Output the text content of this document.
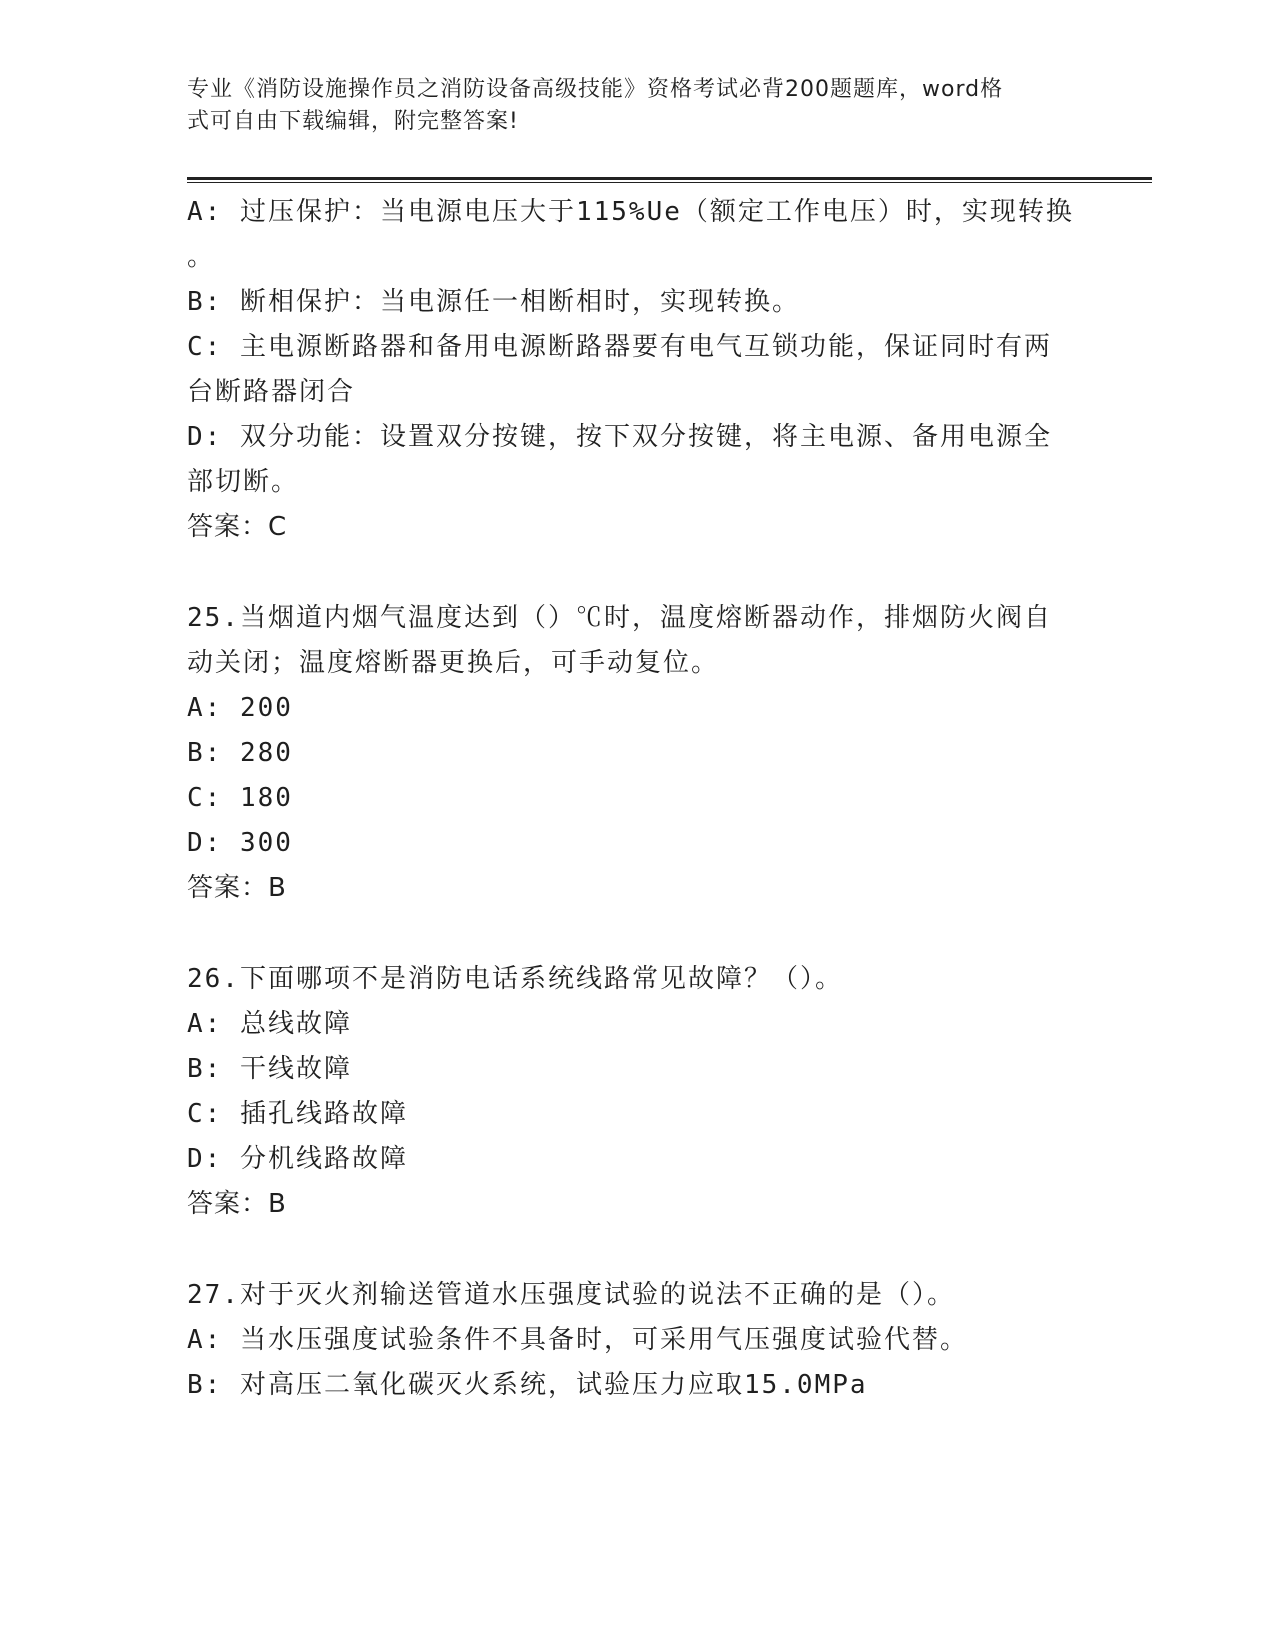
专业《消防设施操作员之消防设备高级技能》资格考试必背200题题库，word格
式可自由下载编辑，附完整答案!
A: 过压保护：当电源电压大于115%Ue（额定工作电压）时，实现转换
。
B: 断相保护：当电源任一相断相时，实现转换。
C: 主电源断路器和备用电源断路器要有电气互锁功能，保证同时有两
台断路器闭合
D: 双分功能：设置双分按键，按下双分按键，将主电源、备用电源全
部切断。
答案：C
25.当烟道内烟气温度达到（）℃时，温度熔断器动作，排烟防火阀自
动关闭；温度熔断器更换后，可手动复位。
A: 200
B: 280
C: 180
D: 300
答案：B
26.下面哪项不是消防电话系统线路常见故障？（）。
A: 总线故障
B: 干线故障
C: 插孔线路故障
D: 分机线路故障
答案：B
27.对于灭火剂输送管道水压强度试验的说法不正确的是（）。
A: 当水压强度试验条件不具备时，可采用气压强度试验代替。
B: 对高压二氧化碳灭火系统，试验压力应取15.0MPa
